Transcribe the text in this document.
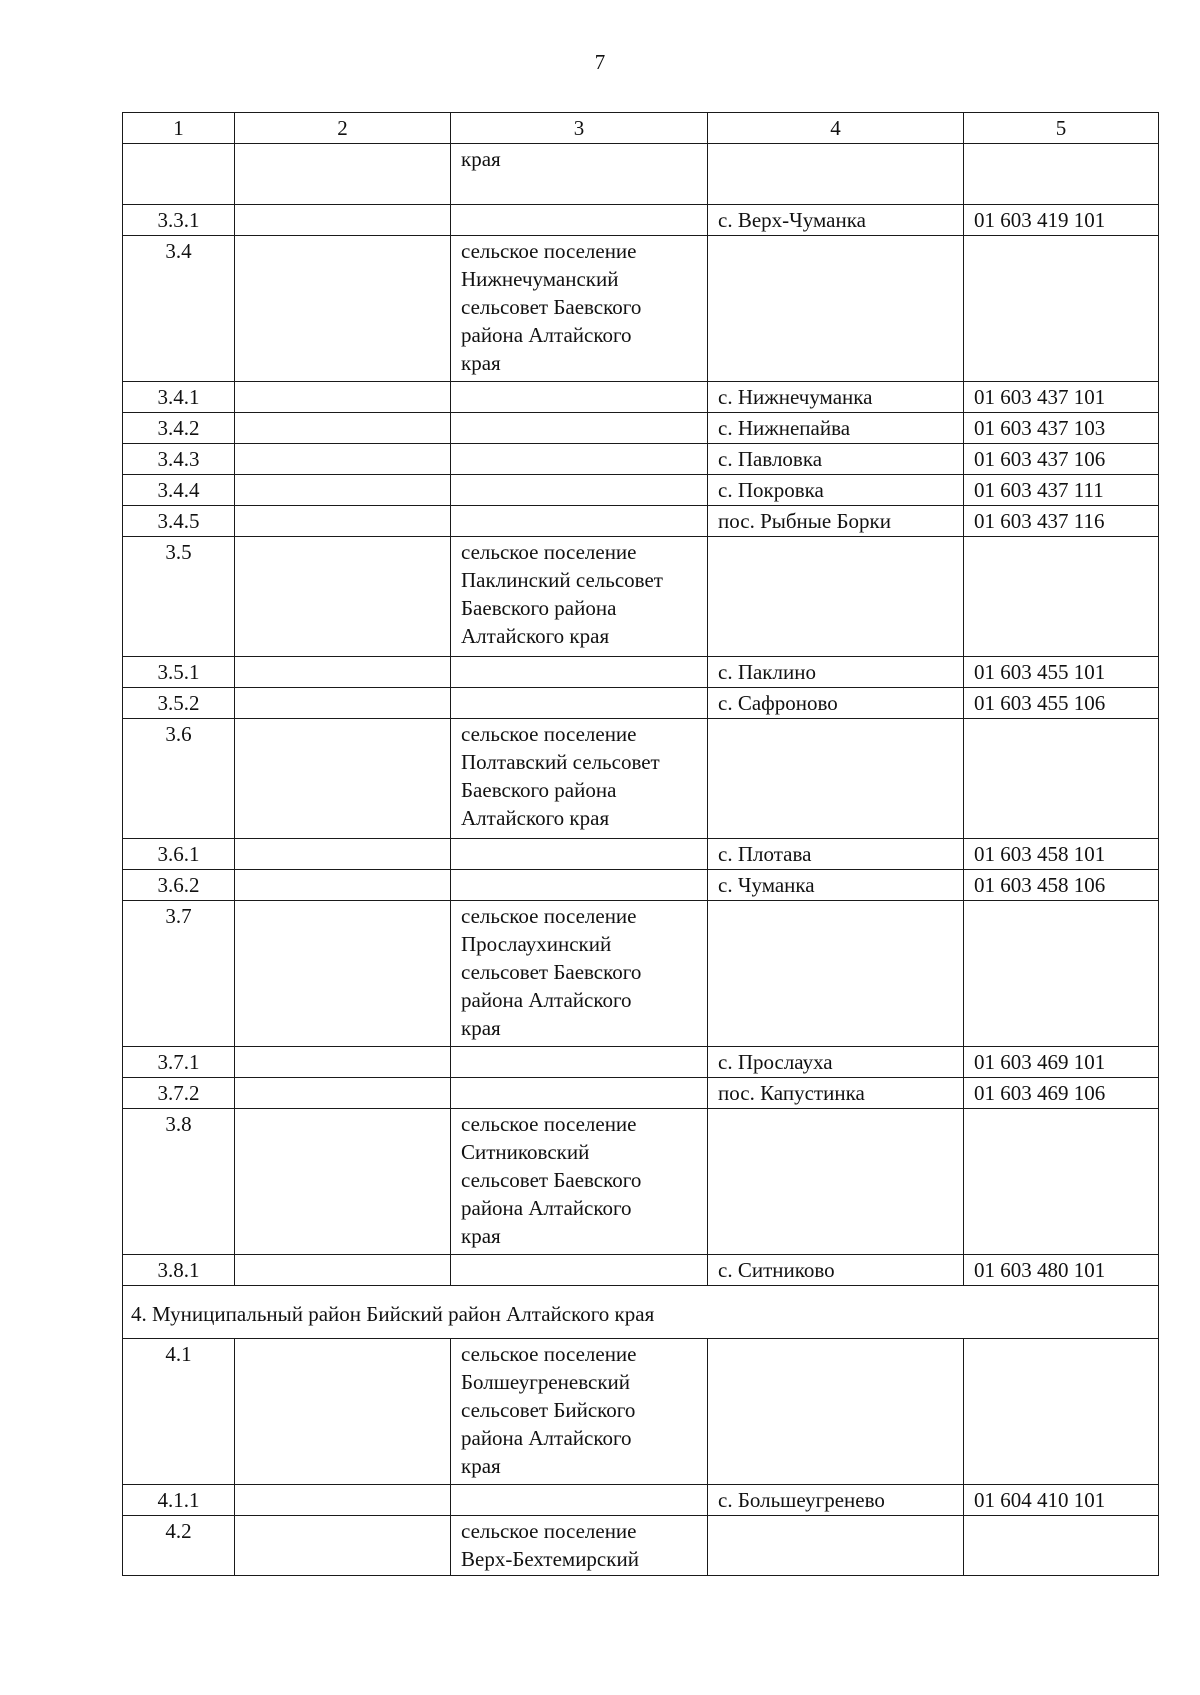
7
1	2	3	4	5
		края		
3.3.1			с. Верх-Чуманка	01 603 419 101
3.4		сельское поселение
Нижнечуманский
сельсовет Баевского
района Алтайского
края		
3.4.1			с. Нижнечуманка	01 603 437 101
3.4.2			с. Нижнепайва	01 603 437 103
3.4.3			с. Павловка	01 603 437 106
3.4.4			с. Покровка	01 603 437 111
3.4.5			пос. Рыбные Борки	01 603 437 116
3.5		сельское поселение
Паклинский сельсовет
Баевского района
Алтайского края		
3.5.1			с. Паклино	01 603 455 101
3.5.2			с. Сафроново	01 603 455 106
3.6		сельское поселение
Полтавский сельсовет
Баевского района
Алтайского края		
3.6.1			с. Плотава	01 603 458 101
3.6.2			с. Чуманка	01 603 458 106
3.7		сельское поселение
Прослаухинский
сельсовет Баевского
района Алтайского
края		
3.7.1			с. Прослауха	01 603 469 101
3.7.2			пос. Капустинка	01 603 469 106
3.8		сельское поселение
Ситниковский
сельсовет Баевского
района Алтайского
края		
3.8.1			с. Ситниково	01 603 480 101
4. Муниципальный район Бийский район Алтайского края				
4.1		сельское поселение
Болшеугреневский
сельсовет Бийского
района Алтайского
края		
4.1.1			с. Большеугренево	01 604 410 101
4.2		сельское поселение
Верх-Бехтемирский		
